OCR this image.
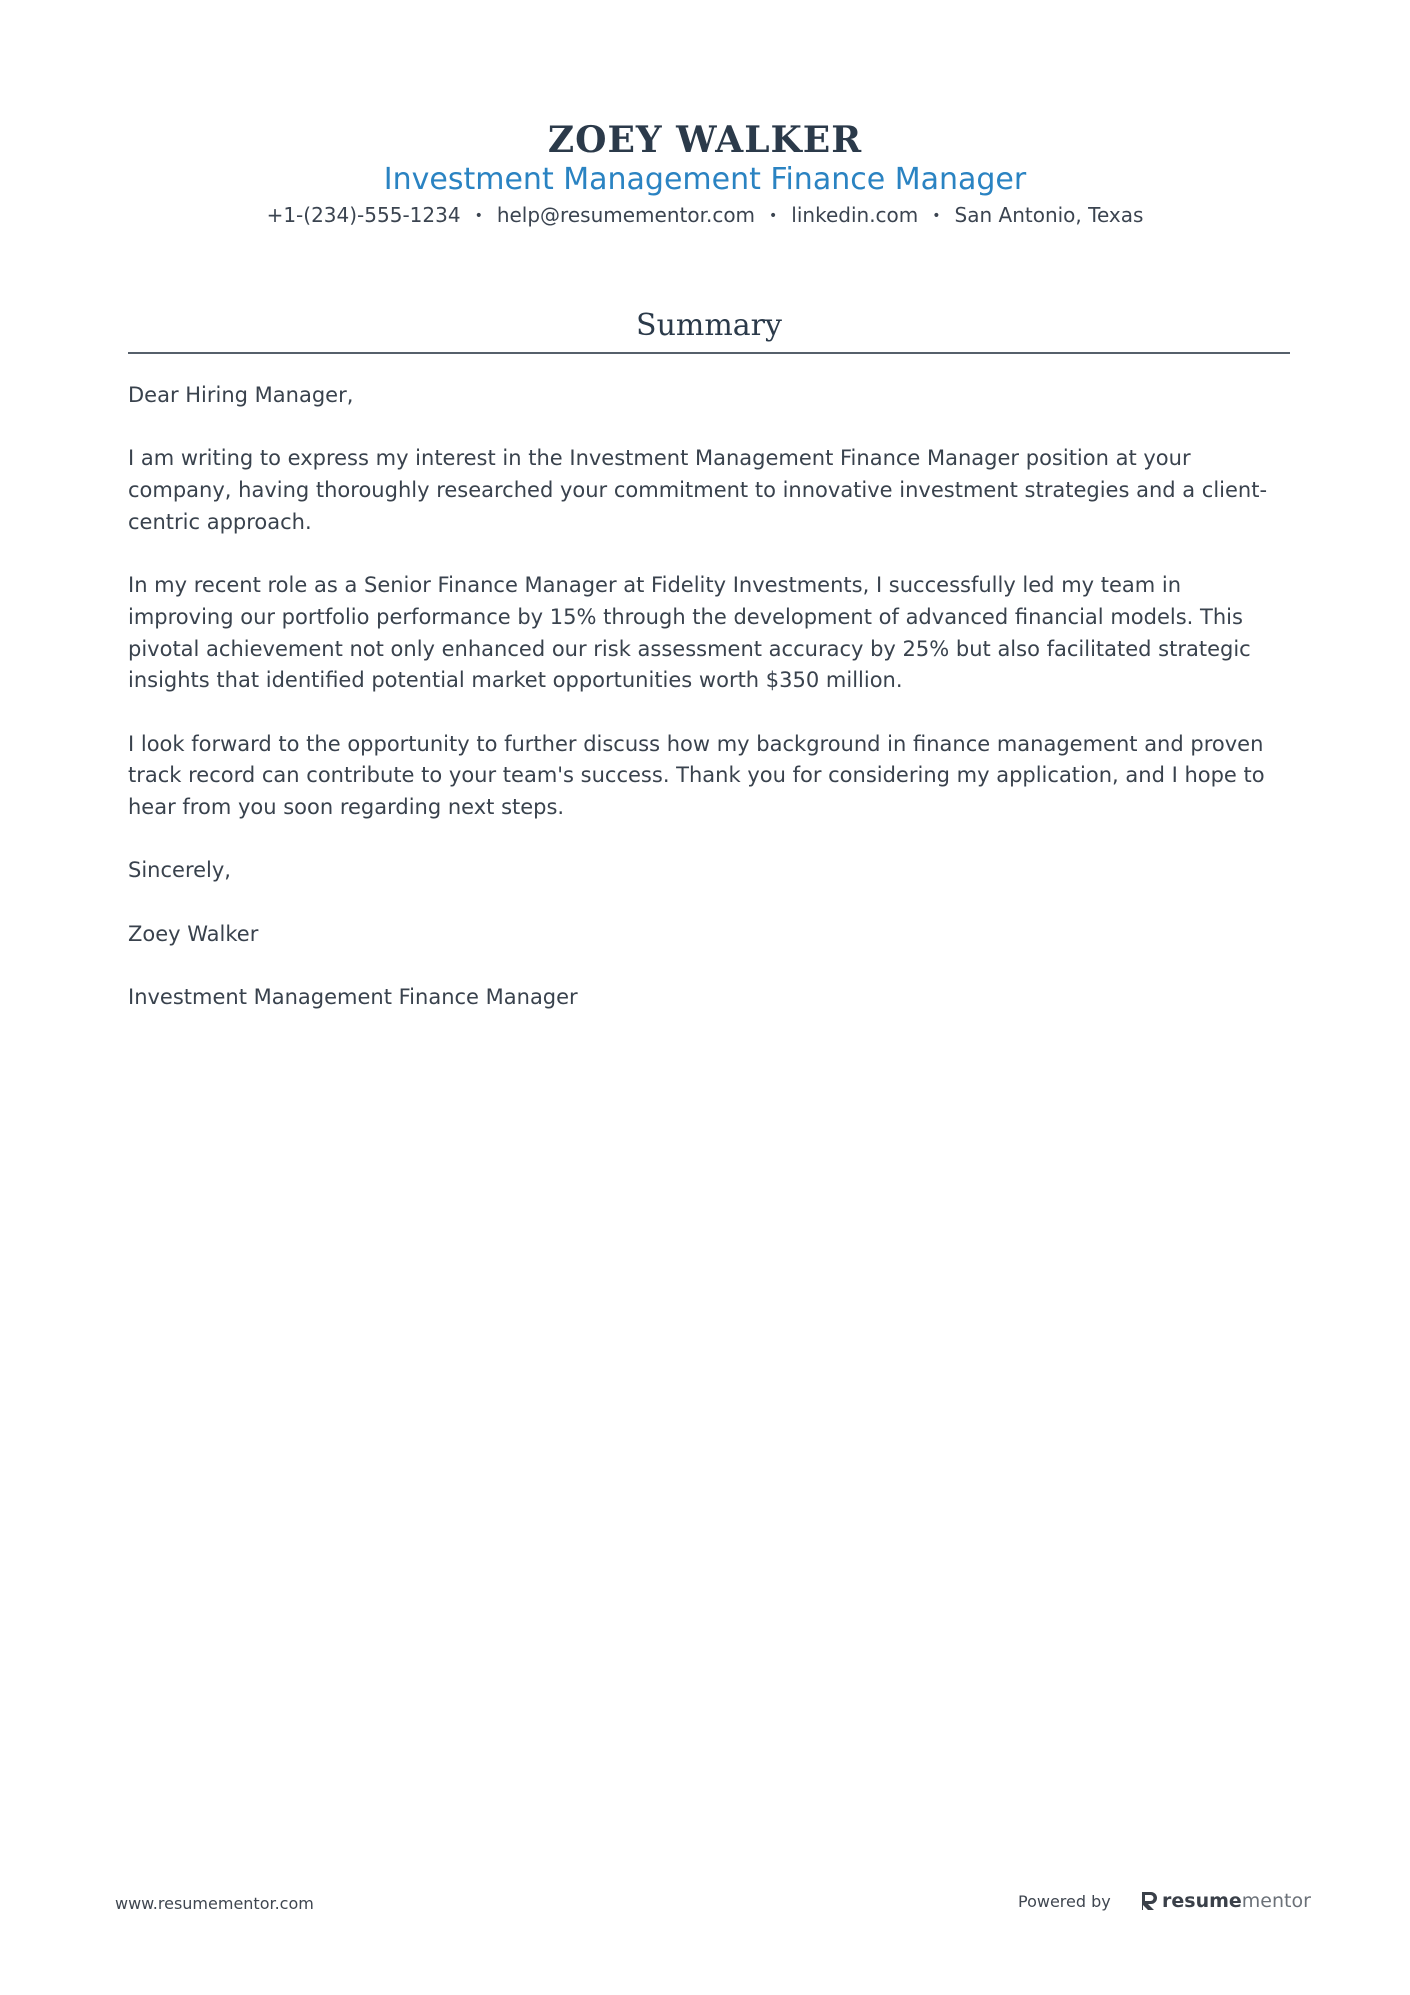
ZOEY WALKER
Investment Management Finance Manager
+1-(234)-555-1234 • help@resumementor.com • linkedin.com • San Antonio, Texas
Summary

Dear Hiring Manager,

I am writing to express my interest in the Investment Management Finance Manager position at your company, having thoroughly researched your commitment to innovative investment strategies and a client-centric approach.

In my recent role as a Senior Finance Manager at Fidelity Investments, I successfully led my team in improving our portfolio performance by 15% through the development of advanced financial models. This pivotal achievement not only enhanced our risk assessment accuracy by 25% but also facilitated strategic insights that identified potential market opportunities worth $350 million.

I look forward to the opportunity to further discuss how my background in finance management and proven track record can contribute to your team's success. Thank you for considering my application, and I hope to hear from you soon regarding next steps.

Sincerely,

Zoey Walker

Investment Management Finance Manager

www.resumementor.com	Powered by	resumementor
